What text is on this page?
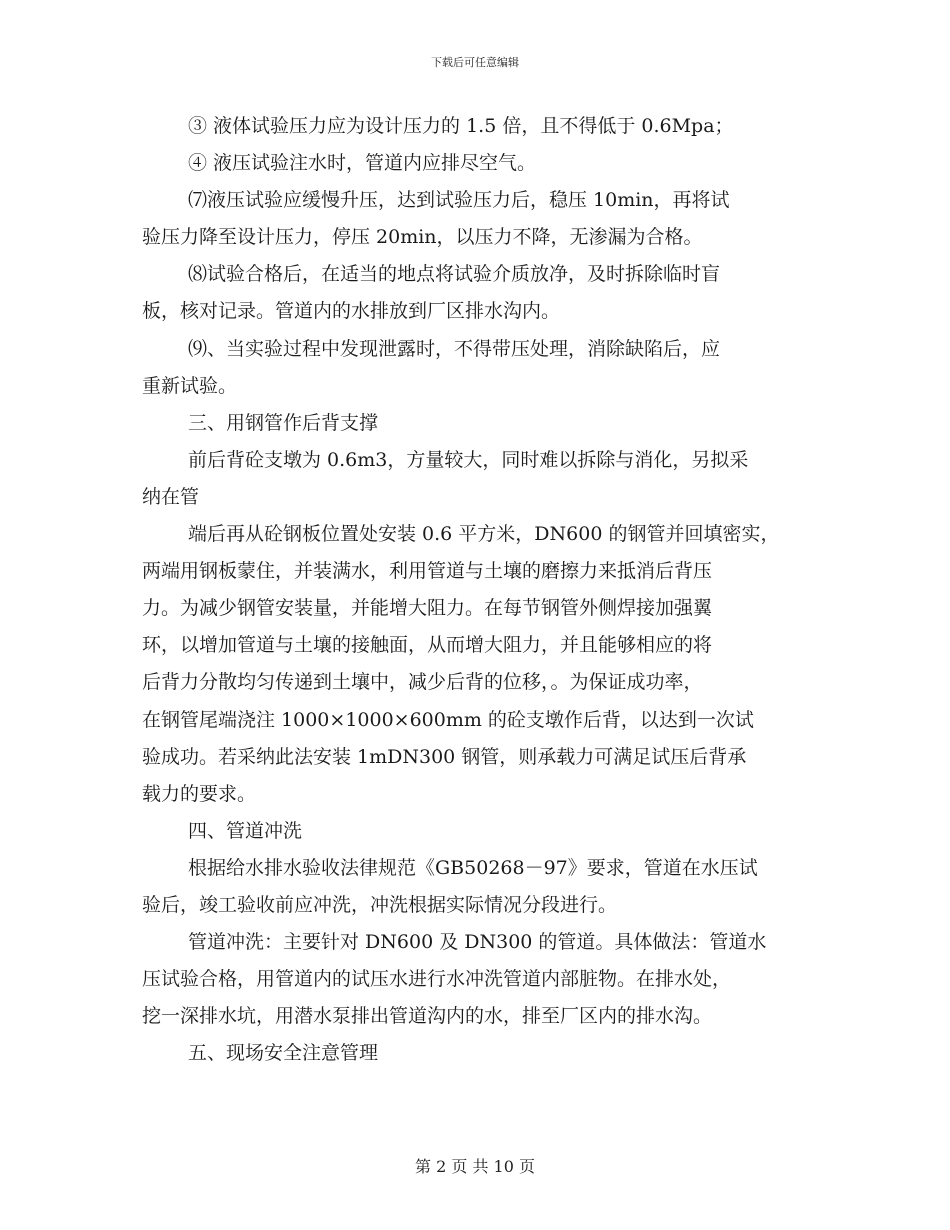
下载后可任意编辑
③ 液体试验压力应为设计压力的 1.5 倍，且不得低于 0.6Mpa；
④ 液压试验注水时，管道内应排尽空气。
⑺液压试验应缓慢升压，达到试验压力后，稳压 10min，再将试
验压力降至设计压力，停压 20min，以压力不降，无渗漏为合格。
⑻试验合格后，在适当的地点将试验介质放净，及时拆除临时盲
板，核对记录。管道内的水排放到厂区排水沟内。
⑼、当实验过程中发现泄露时，不得带压处理，消除缺陷后，应
重新试验。
三、用钢管作后背支撑
前后背砼支墩为 0.6m3，方量较大，同时难以拆除与消化，另拟采
纳在管
端后再从砼钢板位置处安装 0.6 平方米，DN600 的钢管并回填密实，
两端用钢板蒙住，并装满水，利用管道与土壤的磨擦力来抵消后背压
力。为减少钢管安装量，并能增大阻力。在每节钢管外侧焊接加强翼
环，以增加管道与土壤的接触面，从而增大阻力，并且能够相应的将
后背力分散均匀传递到土壤中，减少后背的位移，。为保证成功率，
在钢管尾端浇注 1000×1000×600mm 的砼支墩作后背，以达到一次试
验成功。若采纳此法安装 1mDN300 钢管，则承载力可满足试压后背承
载力的要求。
四、管道冲洗
根据给水排水验收法律规范《GB50268－97》要求，管道在水压试
验后，竣工验收前应冲洗，冲洗根据实际情况分段进行。
管道冲洗：主要针对 DN600 及 DN300 的管道。具体做法：管道水
压试验合格，用管道内的试压水进行水冲洗管道内部脏物。在排水处，
挖一深排水坑，用潜水泵排出管道沟内的水，排至厂区内的排水沟。
五、现场安全注意管理
第 2 页 共 10 页
